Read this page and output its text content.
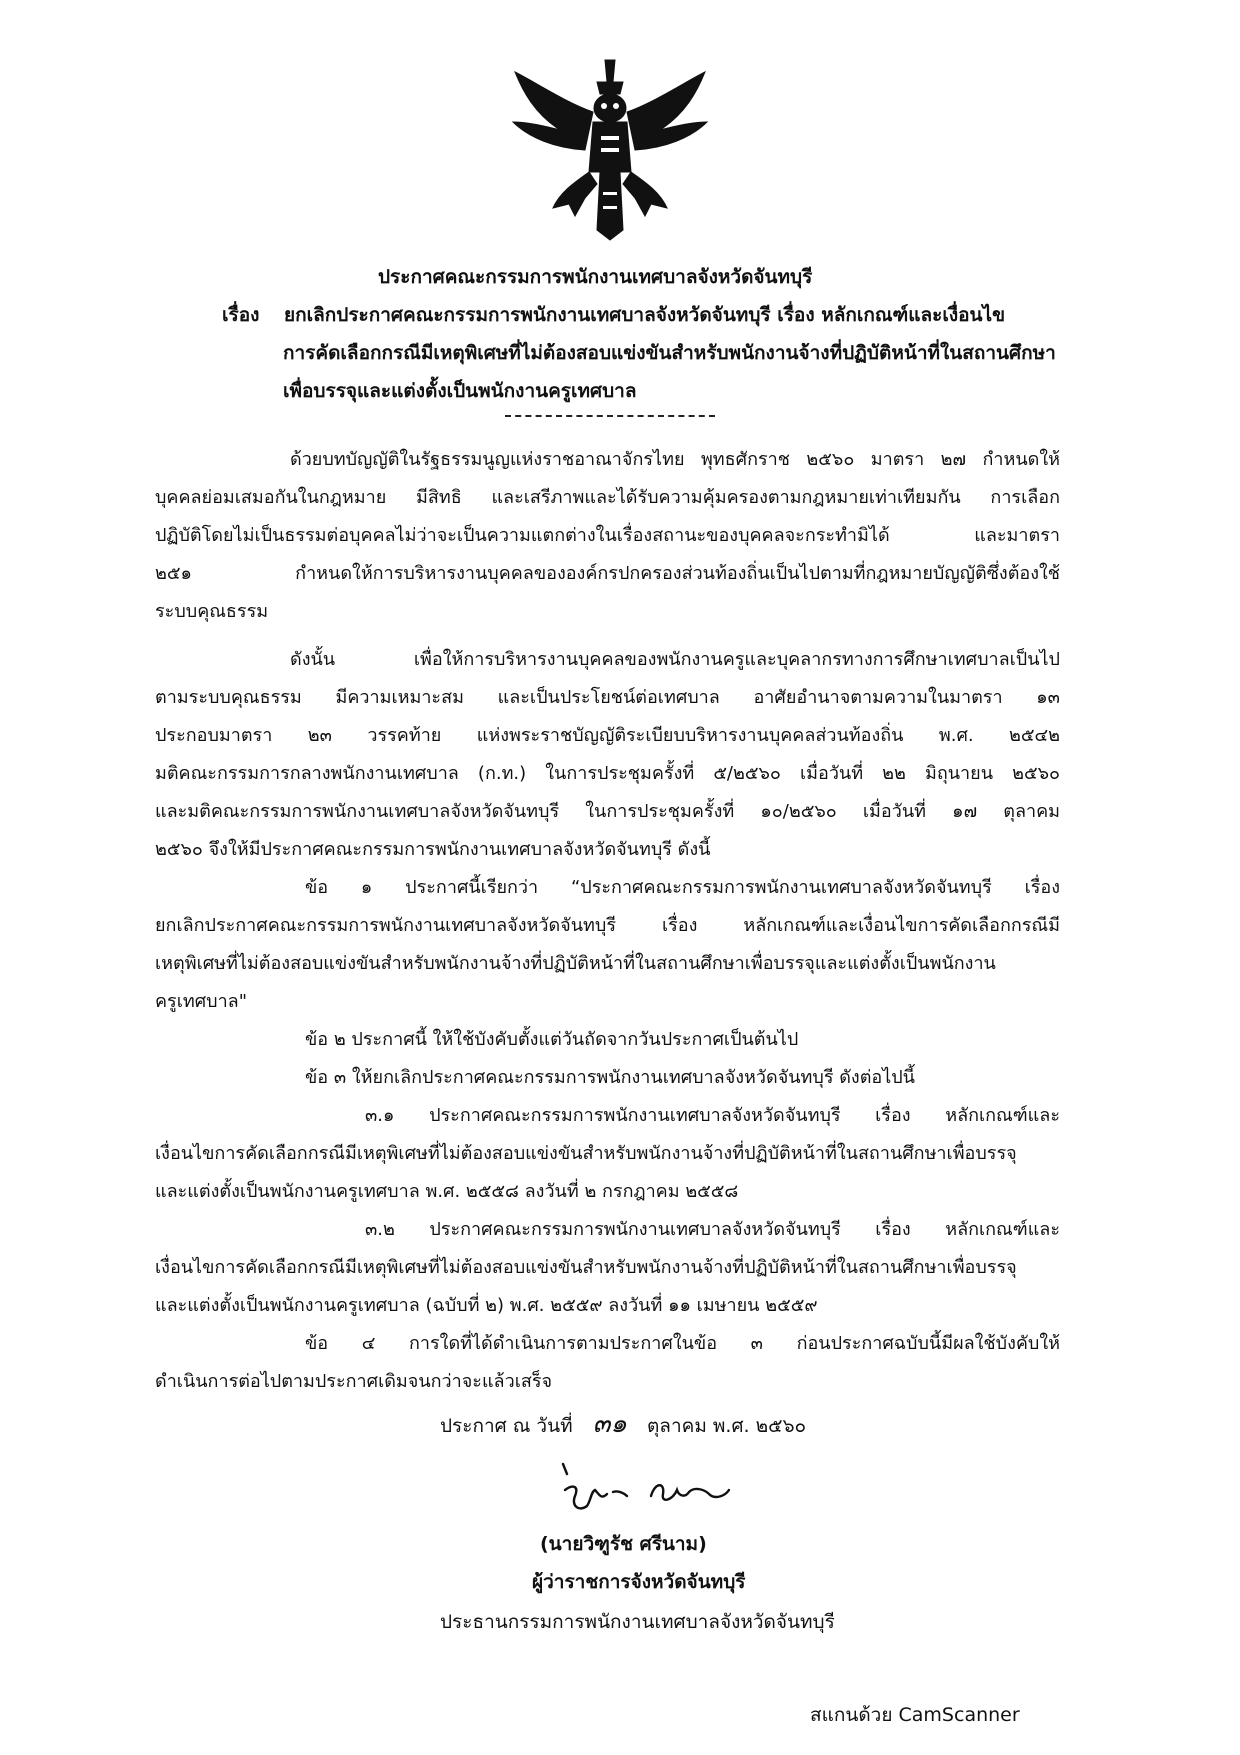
ประกาศคณะกรรมการพนักงานเทศบาลจังหวัดจันทบุรี
เรื่อง ยกเลิกประกาศคณะกรรมการพนักงานเทศบาลจังหวัดจันทบุรี เรื่อง หลักเกณฑ์และเงื่อนไข
การคัดเลือกกรณีมีเหตุพิเศษที่ไม่ต้องสอบแข่งขันสำหรับพนักงานจ้างที่ปฏิบัติหน้าที่ในสถานศึกษา
เพื่อบรรจุและแต่งตั้งเป็นพนักงานครูเทศบาล
ด้วยบทบัญญัติในรัฐธรรมนูญแห่งราชอาณาจักรไทย พุทธศักราช ๒๕๖๐ มาตรา ๒๗ กำหนดให้
บุคคลย่อมเสมอกันในกฎหมาย มีสิทธิ และเสรีภาพและได้รับความคุ้มครองตามกฎหมายเท่าเทียมกัน การเลือก
ปฏิบัติโดยไม่เป็นธรรมต่อบุคคลไม่ว่าจะเป็นความแตกต่างในเรื่องสถานะของบุคคลจะกระทำมิได้ และมาตรา
๒๕๑ กำหนดให้การบริหารงานบุคคลขององค์กรปกครองส่วนท้องถิ่นเป็นไปตามที่กฎหมายบัญญัติซึ่งต้องใช้
ระบบคุณธรรม
ดังนั้น เพื่อให้การบริหารงานบุคคลของพนักงานครูและบุคลากรทางการศึกษาเทศบาลเป็นไป
ตามระบบคุณธรรม มีความเหมาะสม และเป็นประโยชน์ต่อเทศบาล อาศัยอำนาจตามความในมาตรา ๑๓
ประกอบมาตรา ๒๓ วรรคท้าย แห่งพระราชบัญญัติระเบียบบริหารงานบุคคลส่วนท้องถิ่น พ.ศ. ๒๕๔๒
มติคณะกรรมการกลางพนักงานเทศบาล (ก.ท.) ในการประชุมครั้งที่ ๕/๒๕๖๐ เมื่อวันที่ ๒๒ มิถุนายน ๒๕๖๐
และมติคณะกรรมการพนักงานเทศบาลจังหวัดจันทบุรี ในการประชุมครั้งที่ ๑๐/๒๕๖๐ เมื่อวันที่ ๑๗ ตุลาคม
๒๕๖๐ จึงให้มีประกาศคณะกรรมการพนักงานเทศบาลจังหวัดจันทบุรี ดังนี้
ข้อ ๑ ประกาศนี้เรียกว่า “ประกาศคณะกรรมการพนักงานเทศบาลจังหวัดจันทบุรี เรื่อง
ยกเลิกประกาศคณะกรรมการพนักงานเทศบาลจังหวัดจันทบุรี เรื่อง หลักเกณฑ์และเงื่อนไขการคัดเลือกกรณีมี
เหตุพิเศษที่ไม่ต้องสอบแข่งขันสำหรับพนักงานจ้างที่ปฏิบัติหน้าที่ในสถานศึกษาเพื่อบรรจุและแต่งตั้งเป็นพนักงาน
ครูเทศบาล"
ข้อ ๒ ประกาศนี้ ให้ใช้บังคับตั้งแต่วันถัดจากวันประกาศเป็นต้นไป
ข้อ ๓ ให้ยกเลิกประกาศคณะกรรมการพนักงานเทศบาลจังหวัดจันทบุรี ดังต่อไปนี้
๓.๑ ประกาศคณะกรรมการพนักงานเทศบาลจังหวัดจันทบุรี เรื่อง หลักเกณฑ์และ
เงื่อนไขการคัดเลือกกรณีมีเหตุพิเศษที่ไม่ต้องสอบแข่งขันสำหรับพนักงานจ้างที่ปฏิบัติหน้าที่ในสถานศึกษาเพื่อบรรจุ
และแต่งตั้งเป็นพนักงานครูเทศบาล พ.ศ. ๒๕๕๘ ลงวันที่ ๒ กรกฎาคม ๒๕๕๘
๓.๒ ประกาศคณะกรรมการพนักงานเทศบาลจังหวัดจันทบุรี เรื่อง หลักเกณฑ์และ
เงื่อนไขการคัดเลือกกรณีมีเหตุพิเศษที่ไม่ต้องสอบแข่งขันสำหรับพนักงานจ้างที่ปฏิบัติหน้าที่ในสถานศึกษาเพื่อบรรจุ
และแต่งตั้งเป็นพนักงานครูเทศบาล (ฉบับที่ ๒) พ.ศ. ๒๕๕๙ ลงวันที่ ๑๑ เมษายน ๒๕๕๙
ข้อ ๔ การใดที่ได้ดำเนินการตามประกาศในข้อ ๓ ก่อนประกาศฉบับนี้มีผลใช้บังคับให้
ดำเนินการต่อไปตามประกาศเดิมจนกว่าจะแล้วเสร็จ
ประกาศ ณ วันที่ ๓๑ ตุลาคม พ.ศ. ๒๕๖๐
(นายวิฑูรัช ศรีนาม)
ผู้ว่าราชการจังหวัดจันทบุรี
ประธานกรรมการพนักงานเทศบาลจังหวัดจันทบุรี
สแกนด้วย CamScanner
